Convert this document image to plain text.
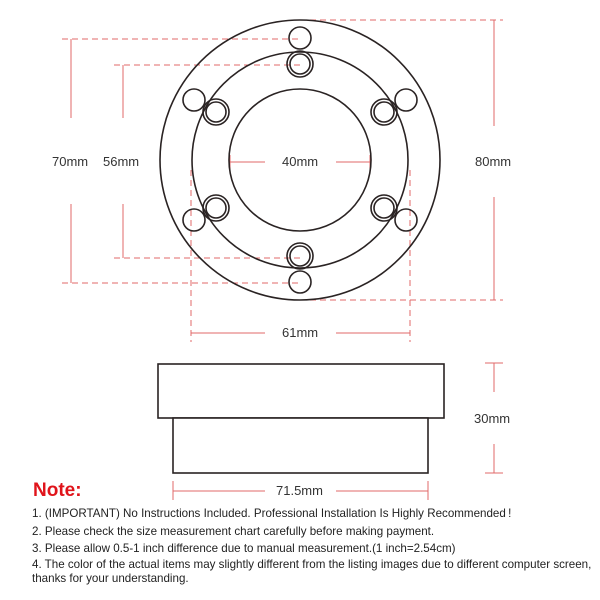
70mm 56mm	40mm	80mm
61mm
30mm
71.5mm
Note:
1. (IMPORTANT) No Instructions Included. Professional Installation Is Highly Recommended !
2. Please check the size measurement chart carefully before making payment.
3. Please allow 0.5-1 inch difference due to manual measurement.(1 inch=2.54cm)
4. The color of the actual items may slightly different from the listing images due to different computer screen, thanks for your understanding.
